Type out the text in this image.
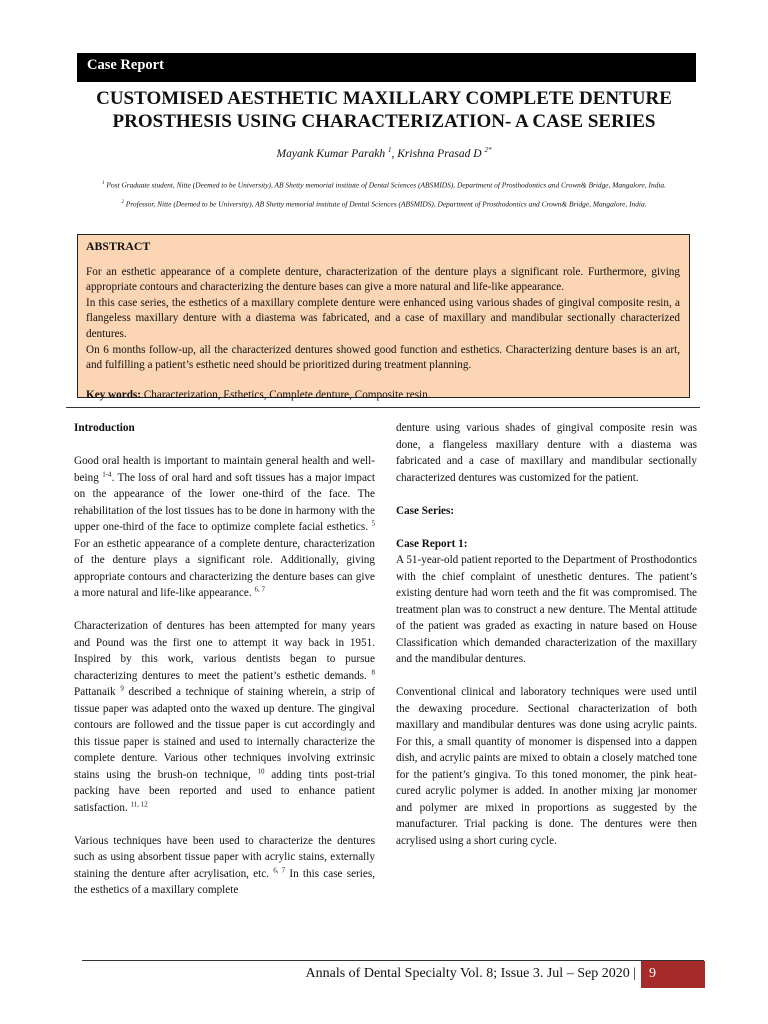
Case Report
CUSTOMISED AESTHETIC MAXILLARY COMPLETE DENTURE
PROSTHESIS USING CHARACTERIZATION- A CASE SERIES
Mayank Kumar Parakh $^1$, Krishna Prasad D $^{2*}$
$^1$ Post Graduate student, Nitte (Deemed to be University), AB Shetty memorial institute of Dental Sciences (ABSMIDS), Department of Prosthodontics and Crown& Bridge, Mangalore, India.
$^2$ Professor, Nitte (Deemed to be University), AB Shetty memorial institute of Dental Sciences (ABSMIDS), Department of Prosthodontics and Crown& Bridge, Mangalore, India.
ABSTRACT
For an esthetic appearance of a complete denture, characterization of the denture plays a significant role. Furthermore, giving appropriate contours and characterizing the denture bases can give a more natural and life-like appearance.
In this case series, the esthetics of a maxillary complete denture were enhanced using various shades of gingival composite resin, a flangeless maxillary denture with a diastema was fabricated, and a case of maxillary and mandibular sectionally characterized dentures.
On 6 months follow-up, all the characterized dentures showed good function and esthetics. Characterizing denture bases is an art, and fulfilling a patient’s esthetic need should be prioritized during treatment planning.
Key words: Characterization, Esthetics, Complete denture, Composite resin.

Introduction

Good oral health is important to maintain general health and well-being $^{1-4}$. The loss of oral hard and soft tissues has a major impact on the appearance of the lower one-third of the face. The rehabilitation of the lost tissues has to be done in harmony with the upper one-third of the face to optimize complete facial esthetics. $^5$ For an esthetic appearance of a complete denture, characterization of the denture plays a significant role. Additionally, giving appropriate contours and characterizing the denture bases can give a more natural and life-like appearance. $^{6, 7}$

Characterization of dentures has been attempted for many years and Pound was the first one to attempt it way back in 1951. Inspired by this work, various dentists began to pursue characterizing dentures to meet the patient’s esthetic demands. $^8$ Pattanaik $^9$ described a technique of staining wherein, a strip of tissue paper was adapted onto the waxed up denture. The gingival contours are followed and the tissue paper is cut accordingly and this tissue paper is stained and used to internally characterize the complete denture. Various other techniques involving extrinsic stains using the brush-on technique, $^{10}$ adding tints post-trial packing have been reported and used to enhance patient satisfaction. $^{11, 12}$

Various techniques have been used to characterize the dentures such as using absorbent tissue paper with acrylic stains, externally staining the denture after acrylisation, etc. $^{6, 7}$ In this case series, the esthetics of a maxillary complete

denture using various shades of gingival composite resin was done, a flangeless maxillary denture with a diastema was fabricated and a case of maxillary and mandibular sectionally characterized dentures was customized for the patient.

Case Series:

Case Report 1:

A 51-year-old patient reported to the Department of Prosthodontics with the chief complaint of unesthetic dentures. The patient’s existing denture had worn teeth and the fit was compromised. The treatment plan was to construct a new denture. The Mental attitude of the patient was graded as exacting in nature based on House Classification which demanded characterization of the maxillary and the mandibular dentures.

Conventional clinical and laboratory techniques were used until the dewaxing procedure. Sectional characterization of both maxillary and mandibular dentures was done using acrylic paints. For this, a small quantity of monomer is dispensed into a dappen dish, and acrylic paints are mixed to obtain a closely matched tone for the patient’s gingiva. To this toned monomer, the pink heat-cured acrylic polymer is added. In another mixing jar monomer and polymer are mixed in proportions as suggested by the manufacturer. Trial packing is done. The dentures were then acrylised using a short curing cycle.

Annals of Dental Specialty Vol. 8; Issue 3. Jul – Sep 2020 | 9
